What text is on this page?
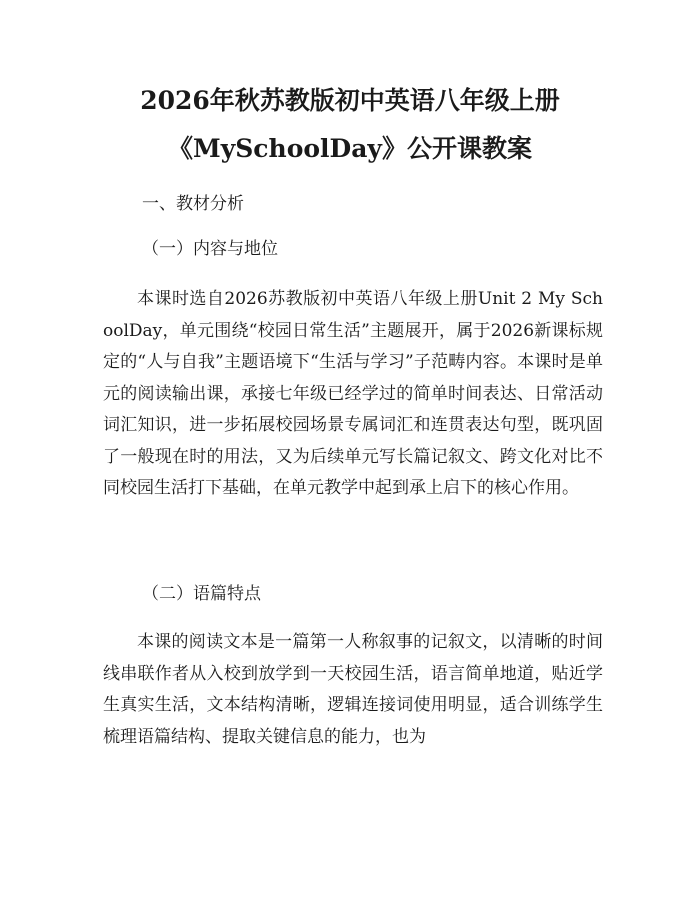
2026年秋苏教版初中英语八年级上册
《MySchoolDay》公开课教案
一、教材分析
（一）内容与地位

本课时选自2026苏教版初中英语八年级上册Unit 2 My SchoolDay，单元围绕“校园日常生活”主题展开，属于2026新课标规定的“人与自我”主题语境下“生活与学习”子范畴内容。本课时是单元的阅读输出课，承接七年级已经学过的简单时间表达、日常活动词汇知识，进一步拓展校园场景专属词汇和连贯表达句型，既巩固了一般现在时的用法，又为后续单元写长篇记叙文、跨文化对比不同校园生活打下基础，在单元教学中起到承上启下的核心作用。

（二）语篇特点

本课的阅读文本是一篇第一人称叙事的记叙文，以清晰的时间线串联作者从入校到放学到一天校园生活，语言简单地道，贴近学生真实生活，文本结构清晰，逻辑连接词使用明显，适合训练学生梳理语篇结构、提取关键信息的能力，也为
